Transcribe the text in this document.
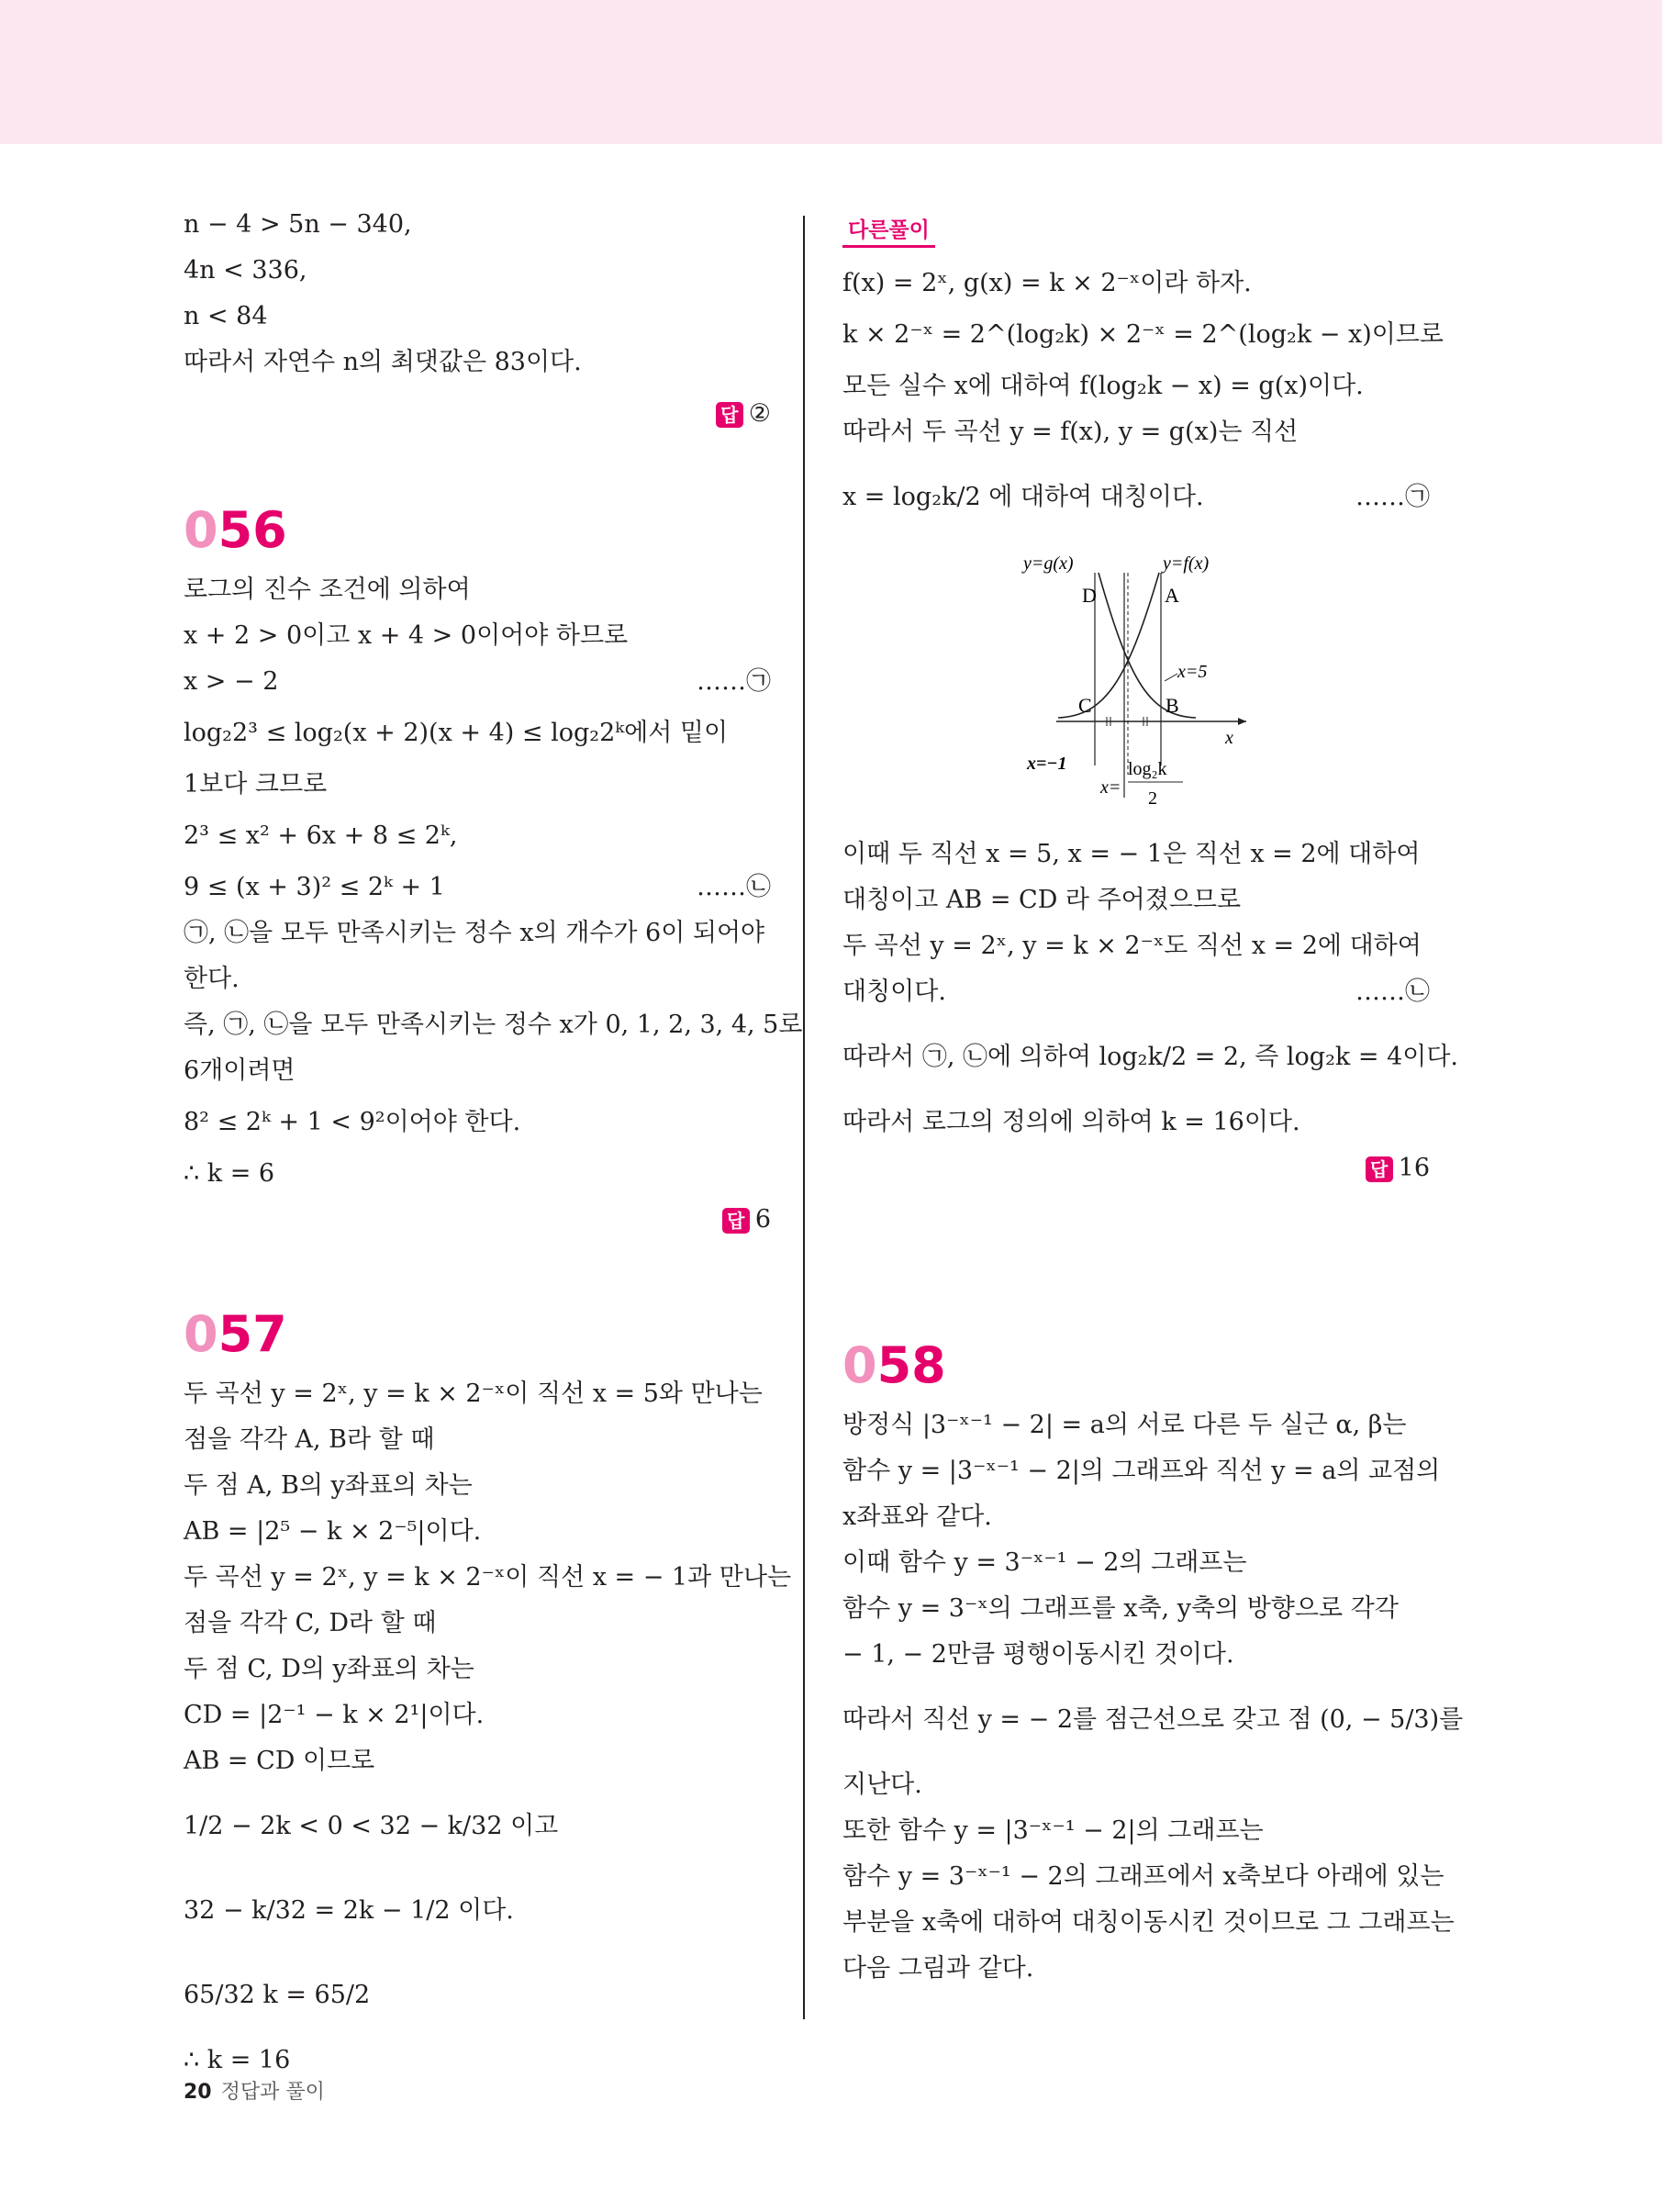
n − 4 > 5n − 340,
4n < 336,
n < 84
따라서 자연수 n의 최댓값은 83이다.
답 ②
056
로그의 진수 조건에 의하여
x + 2 > 0이고 x + 4 > 0이어야 하므로
x > − 2	……㉠
log₂2³ ≤ log₂(x + 2)(x + 4) ≤ log₂2ᵏ에서 밑이
1보다 크므로
2³ ≤ x² + 6x + 8 ≤ 2ᵏ,
9 ≤ (x + 3)² ≤ 2ᵏ + 1	……㉡
㉠, ㉡을 모두 만족시키는 정수 x의 개수가 6이 되어야
한다.
즉, ㉠, ㉡을 모두 만족시키는 정수 x가 0, 1, 2, 3, 4, 5로
6개이려면
8² ≤ 2ᵏ + 1 < 9²이어야 한다.
∴ k = 6
답 6
057
두 곡선 y = 2ˣ, y = k × 2⁻ˣ이 직선 x = 5와 만나는
점을 각각 A, B라 할 때
두 점 A, B의 y좌표의 차는
AB = |2⁵ − k × 2⁻⁵|이다.
두 곡선 y = 2ˣ, y = k × 2⁻ˣ이 직선 x = − 1과 만나는
점을 각각 C, D라 할 때
두 점 C, D의 y좌표의 차는
CD = |2⁻¹ − k × 2¹|이다.
AB = CD 이므로
1/2 − 2k < 0 < 32 − k/32 이고
32 − k/32 = 2k − 1/2 이다.
65/32 k = 65/2
∴ k = 16
다른풀이
f(x) = 2ˣ, g(x) = k × 2⁻ˣ이라 하자.
k × 2⁻ˣ = 2^(log₂k) × 2⁻ˣ = 2^(log₂k − x)이므로
모든 실수 x에 대하여 f(log₂k − x) = g(x)이다.
따라서 두 곡선 y = f(x), y = g(x)는 직선
x = log₂k/2 에 대하여 대칭이다.	……㉠
y=g(x)	y=f(x)
D	A
C	B
x=5
x
x=−1
x=
log₂k
2
이때 두 직선 x = 5, x = − 1은 직선 x = 2에 대하여
대칭이고 AB = CD 라 주어졌으므로
두 곡선 y = 2ˣ, y = k × 2⁻ˣ도 직선 x = 2에 대하여
대칭이다.	……㉡
따라서 ㉠, ㉡에 의하여 log₂k/2 = 2, 즉 log₂k = 4이다.
따라서 로그의 정의에 의하여 k = 16이다.
답 16
058
방정식 |3⁻ˣ⁻¹ − 2| = a의 서로 다른 두 실근 α, β는
함수 y = |3⁻ˣ⁻¹ − 2|의 그래프와 직선 y = a의 교점의
x좌표와 같다.
이때 함수 y = 3⁻ˣ⁻¹ − 2의 그래프는
함수 y = 3⁻ˣ의 그래프를 x축, y축의 방향으로 각각
− 1, − 2만큼 평행이동시킨 것이다.
따라서 직선 y = − 2를 점근선으로 갖고 점 (0, − 5/3)를
지난다.
또한 함수 y = |3⁻ˣ⁻¹ − 2|의 그래프는
함수 y = 3⁻ˣ⁻¹ − 2의 그래프에서 x축보다 아래에 있는
부분을 x축에 대하여 대칭이동시킨 것이므로 그 그래프는
다음 그림과 같다.
20 정답과 풀이
